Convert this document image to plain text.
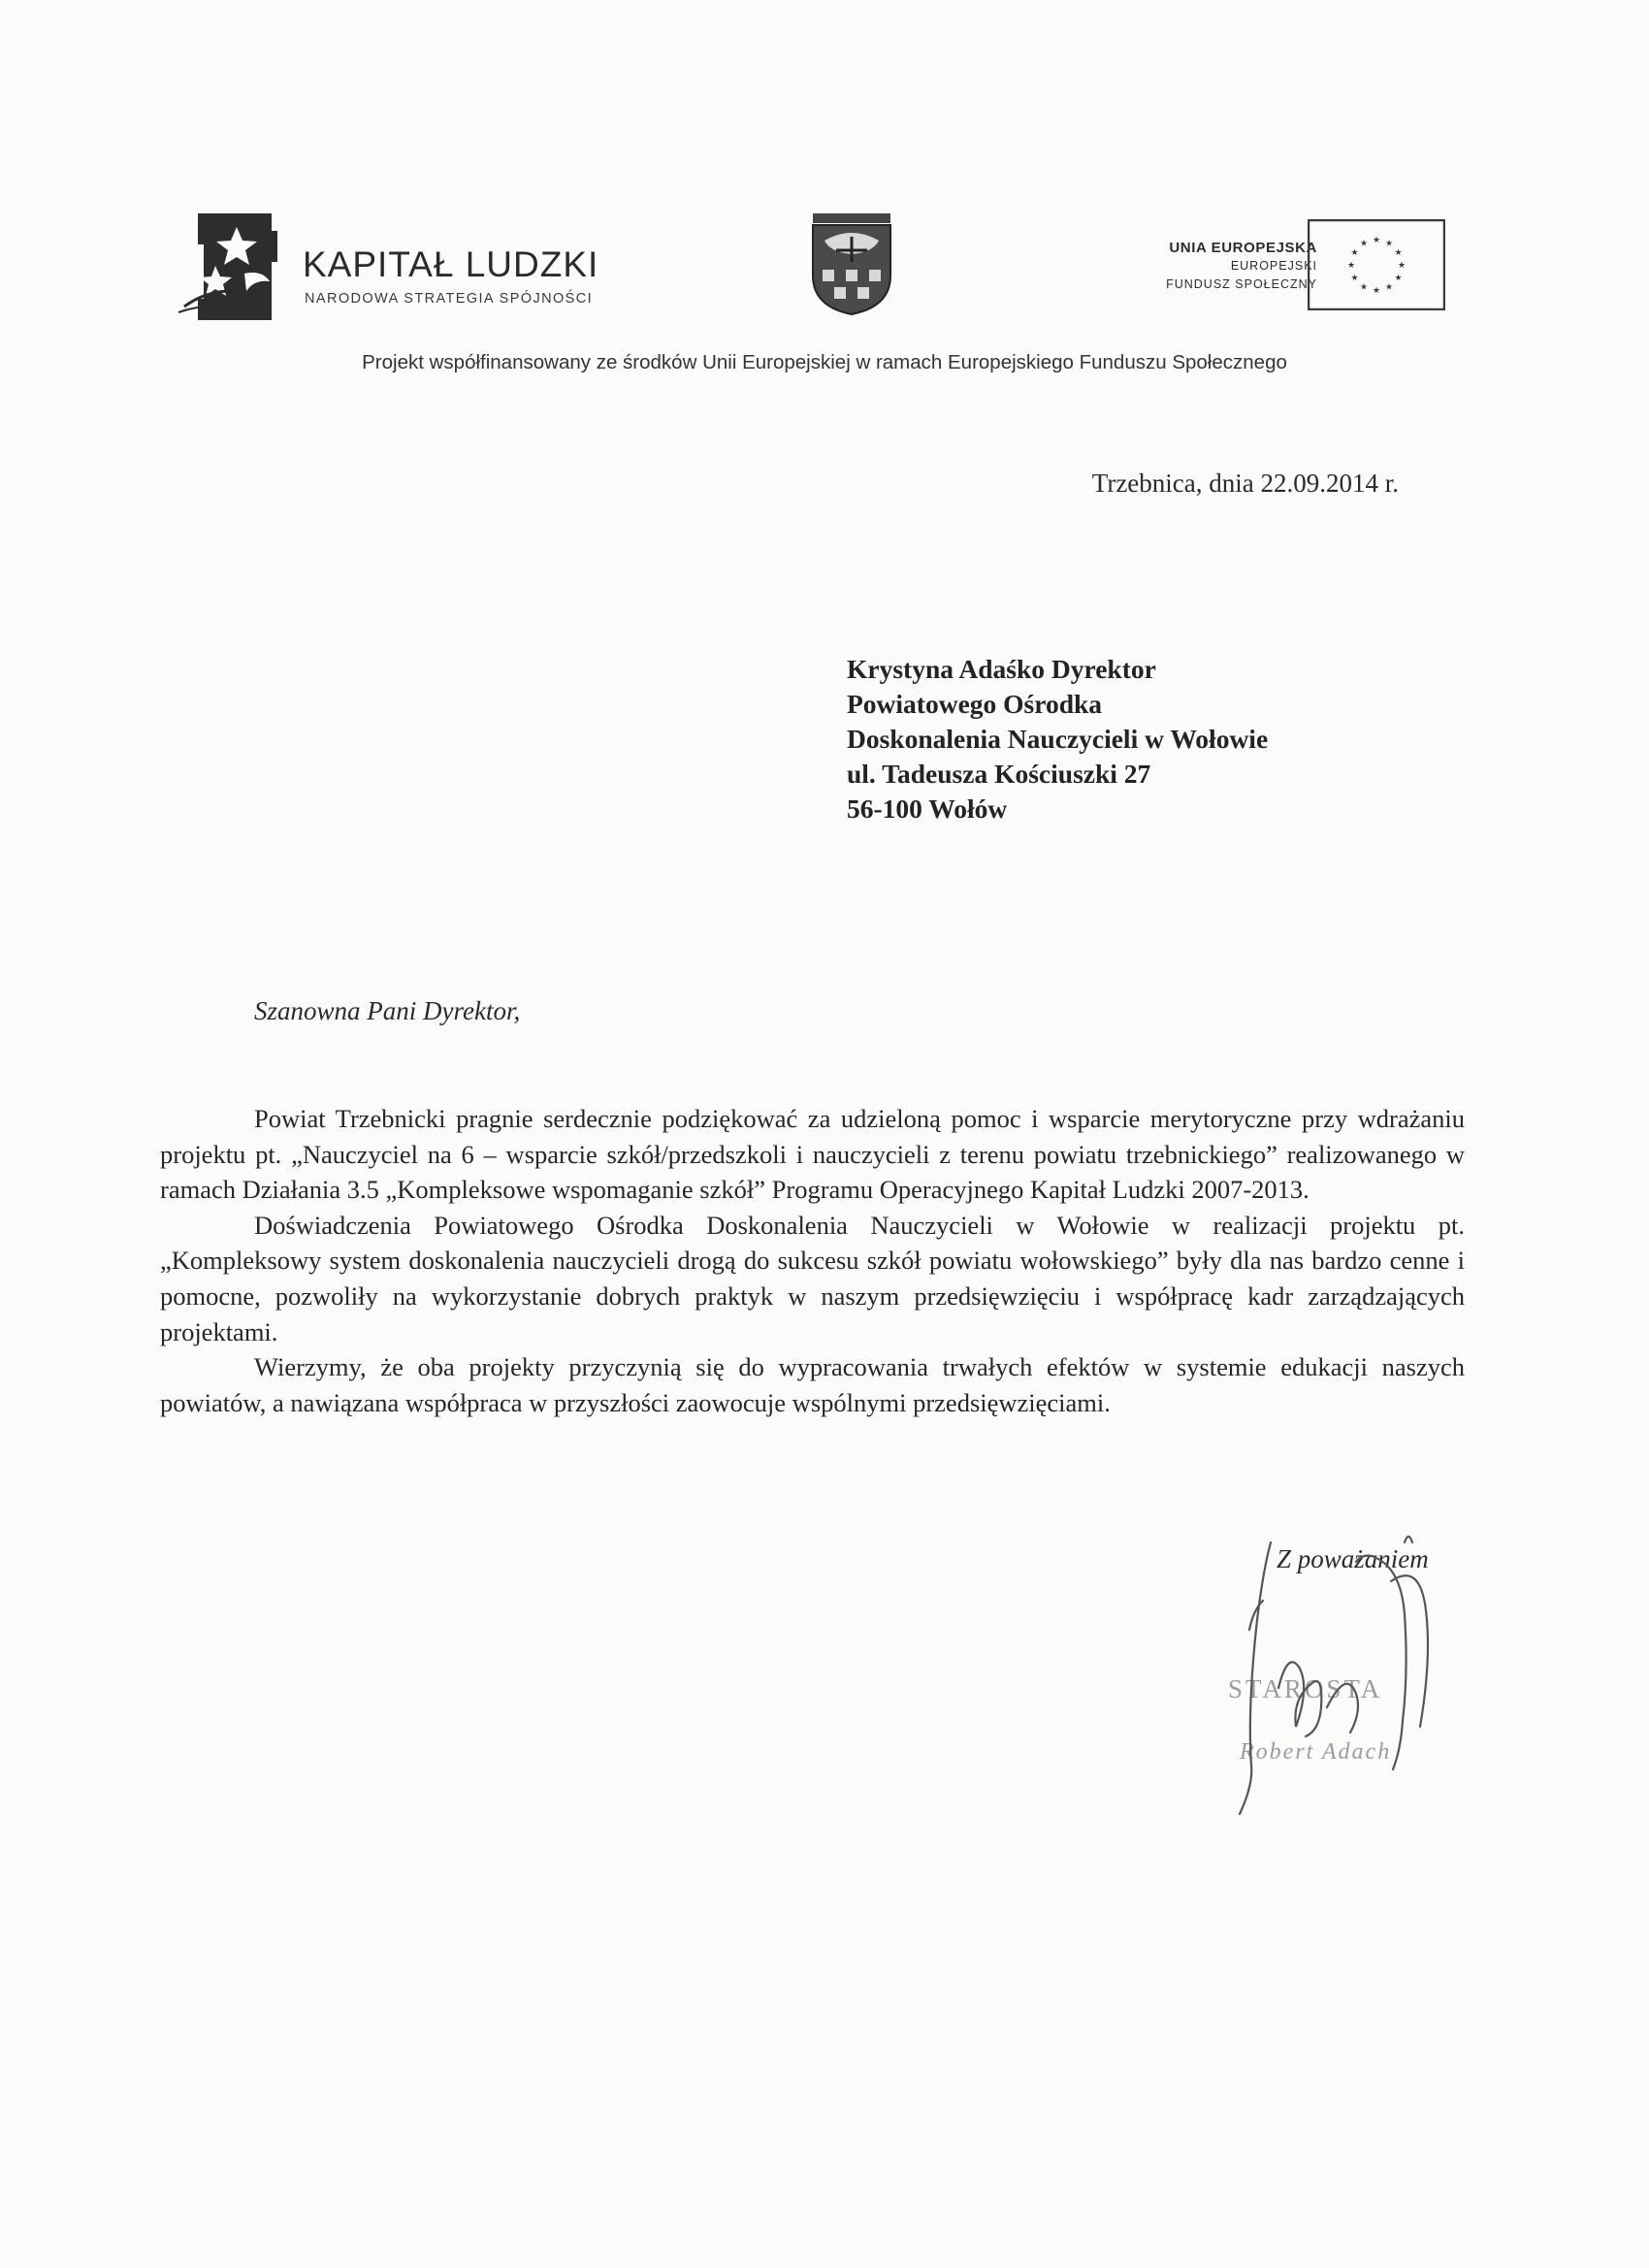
KAPITAŁ LUDZKI
NARODOWA STRATEGIA SPÓJNOŚCI
UNIA EUROPEJSKA
EUROPEJSKI
FUNDUSZ SPOŁECZNY
★ ★
★
★
★
★
★
★
★
★
★
★
Projekt współfinansowany ze środków Unii Europejskiej w ramach Europejskiego Funduszu Społecznego
Trzebnica, dnia 22.09.2014 r.
Krystyna Adaśko Dyrektor
Powiatowego Ośrodka
Doskonalenia Nauczycieli w Wołowie
ul. Tadeusza Kościuszki 27
56-100 Wołów
Szanowna Pani Dyrektor,

Powiat Trzebnicki pragnie serdecznie podziękować za udzieloną pomoc i wsparcie merytoryczne przy wdrażaniu projektu pt. „Nauczyciel na 6 – wsparcie szkół/przedszkoli i nauczycieli z terenu powiatu trzebnickiego” realizowanego w ramach Działania 3.5 „Kompleksowe wspomaganie szkół” Programu Operacyjnego Kapitał Ludzki 2007-2013.

Doświadczenia Powiatowego Ośrodka Doskonalenia Nauczycieli w Wołowie w realizacji projektu pt. „Kompleksowy system doskonalenia nauczycieli drogą do sukcesu szkół powiatu wołowskiego” były dla nas bardzo cenne i pomocne, pozwoliły na wykorzystanie dobrych praktyk w naszym przedsięwzięciu i współpracę kadr zarządzających projektami.

Wierzymy, że oba projekty przyczynią się do wypracowania trwałych efektów w systemie edukacji naszych powiatów, a nawiązana współpraca w przyszłości zaowocuje wspólnymi przedsięwzięciami.

Z poważaniem
STAROSTA
Robert Adach
